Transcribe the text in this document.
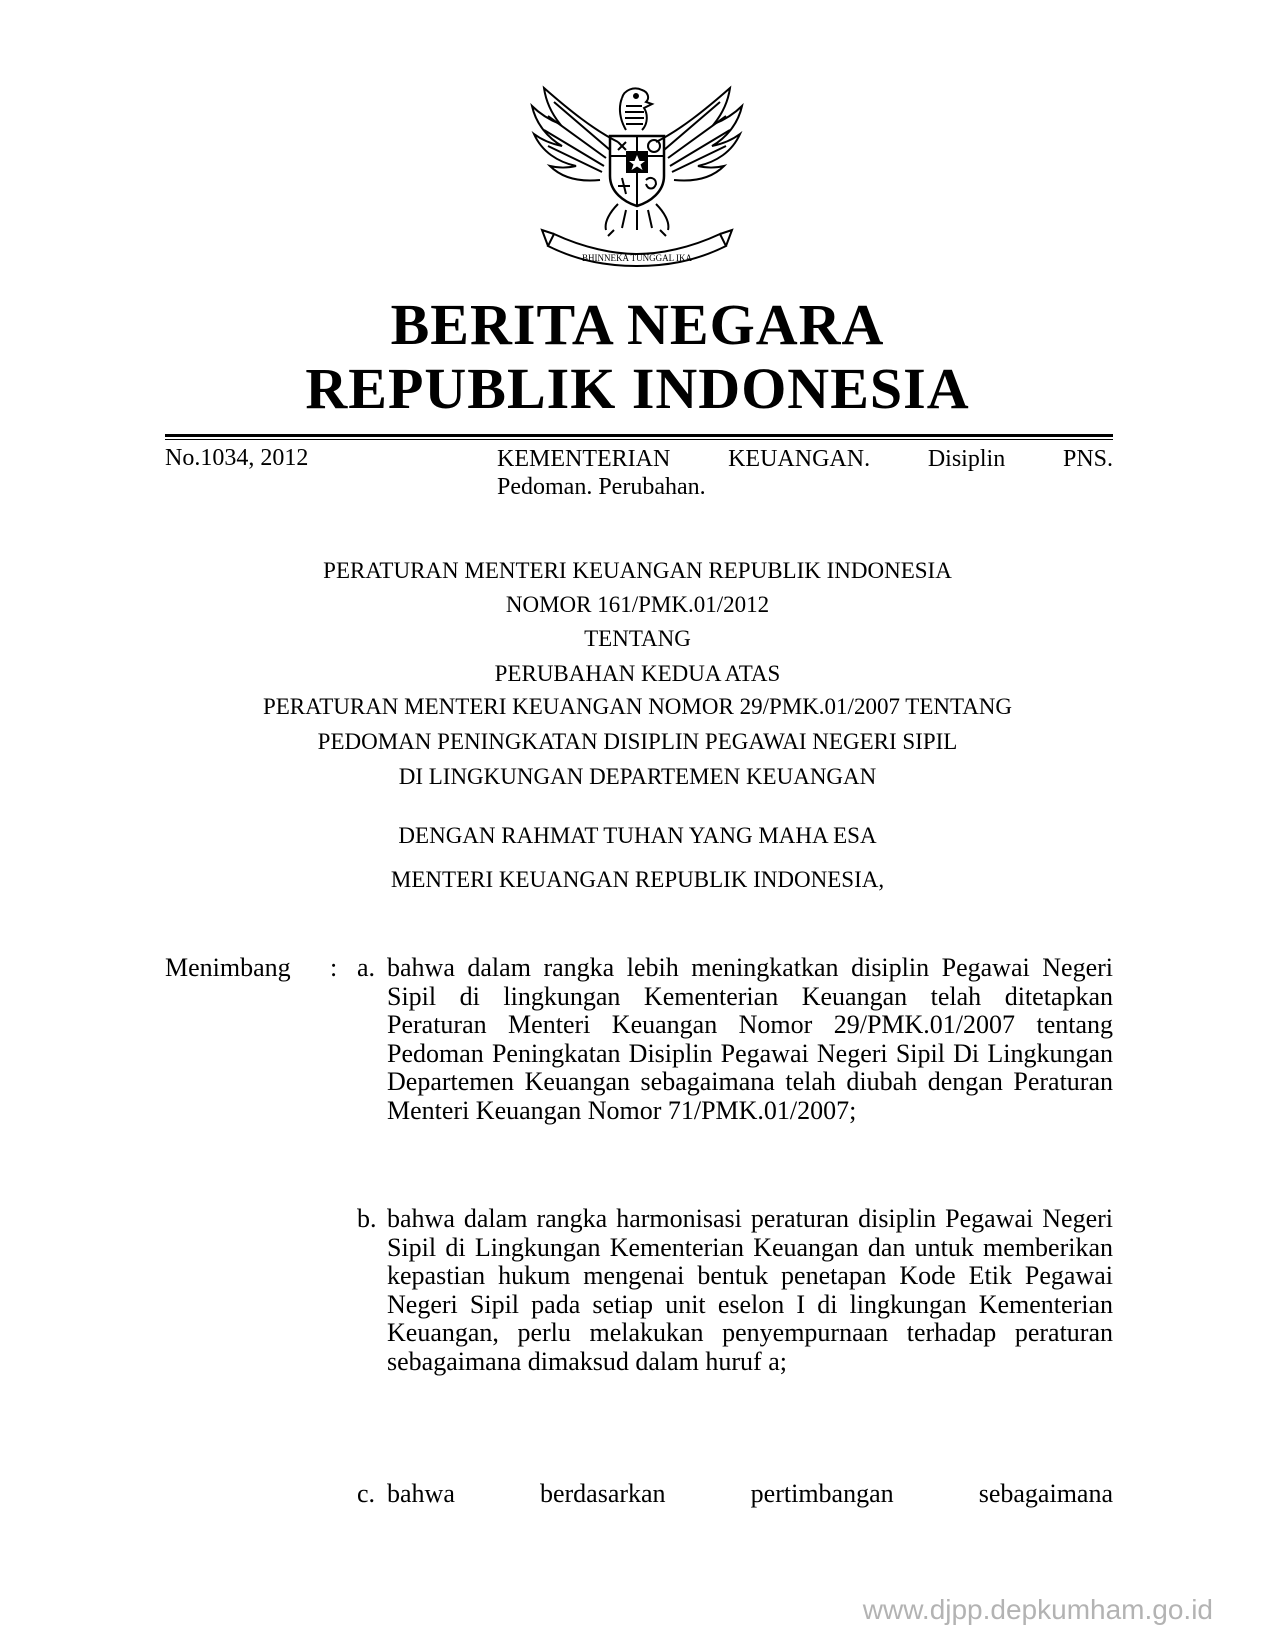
BHINNEKA TUNGGAL IKA
BERITA NEGARA
REPUBLIK INDONESIA
No.1034, 2012	KEMENTERIAN KEUANGAN. Disiplin PNS.
Pedoman. Perubahan.
PERATURAN MENTERI KEUANGAN REPUBLIK INDONESIA
NOMOR 161/PMK.01/2012
TENTANG
PERUBAHAN KEDUA ATAS
PERATURAN MENTERI KEUANGAN NOMOR 29/PMK.01/2007 TENTANG
PEDOMAN PENINGKATAN DISIPLIN PEGAWAI NEGERI SIPIL
DI LINGKUNGAN DEPARTEMEN KEUANGAN
DENGAN RAHMAT TUHAN YANG MAHA ESA
MENTERI KEUANGAN REPUBLIK INDONESIA,
Menimbang : a. bahwa dalam rangka lebih meningkatkan disiplin Pegawai Negeri Sipil di lingkungan Kementerian Keuangan telah ditetapkan Peraturan Menteri Keuangan Nomor 29/PMK.01/2007 tentang Pedoman Peningkatan Disiplin Pegawai Negeri Sipil Di Lingkungan Departemen Keuangan sebagaimana telah diubah dengan Peraturan Menteri Keuangan Nomor 71/PMK.01/2007;

b. bahwa dalam rangka harmonisasi peraturan disiplin Pegawai Negeri Sipil di Lingkungan Kementerian Keuangan dan untuk memberikan kepastian hukum mengenai bentuk penetapan Kode Etik Pegawai Negeri Sipil pada setiap unit eselon I di lingkungan Kementerian Keuangan, perlu melakukan penyempurnaan terhadap peraturan sebagaimana dimaksud dalam huruf a;

c. bahwa berdasarkan pertimbangan sebagaimana

www.djpp.depkumham.go.id
